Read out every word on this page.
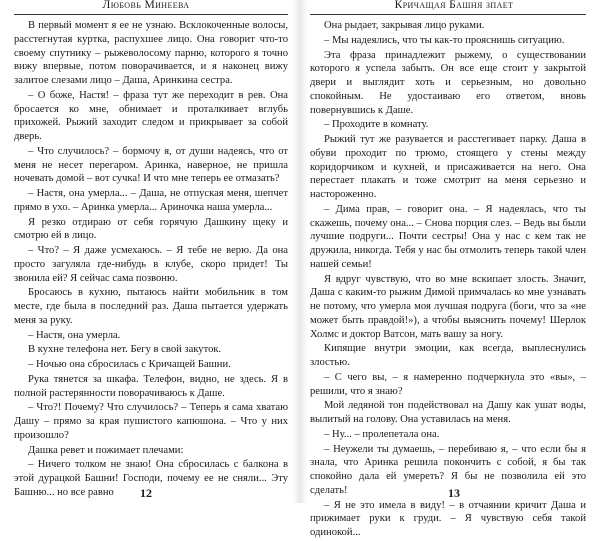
Любовь Минеева

В первый момент я ее не узнаю. Всклокоченные волосы, расстегнутая куртка, распухшее лицо. Она говорит что-то своему спутнику – рыжеволосому парню, которого я точно вижу впервые, потом поворачивается, и я наконец вижу залитое слезами лицо – Даша, Аринкина сестра.

– О боже, Настя! – фраза тут же переходит в рев. Она бросается ко мне, обнимает и проталкивает вглубь прихожей. Рыжий заходит следом и прикрывает за собой дверь.

– Что случилось? – бормочу я, от души надеясь, что от меня не несет перегаром. Аринка, наверное, не пришла ночевать домой – вот сучка! И что мне теперь ее отмазать?

– Настя, она умерла... – Даша, не отпуская меня, шепчет прямо в ухо. – Аринка умерла... Ариночка наша умерла...

Я резко отдираю от себя горячую Дашкину щеку и смотрю ей в лицо.

– Что? – Я даже усмехаюсь. – Я тебе не верю. Да она просто загуляла где-нибудь в клубе, скоро придет! Ты звонила ей? Я сейчас сама позвоню.

Бросаюсь в кухню, пытаюсь найти мобильник в том месте, где была в последний раз. Даша пытается удержать меня за руку.

– Настя, она умерла.

В кухне телефона нет. Бегу в свой закуток.

– Ночью она сбросилась с Кричащей Башни.

Рука тянется за шкафа. Телефон, видно, не здесь. Я в полной растерянности поворачиваюсь к Даше.

– Что?! Почему? Что случилось? – Теперь я сама хватаю Дашу – прямо за края пушистого капюшона. – Что у них произошло?

Дашка ревет и пожимает плечами:

– Ничего толком не знаю! Она сбросилась с балкона в этой дурацкой Башни! Господи, почему ее не сняли... Эту Башню... но все равно	12
Кричащая Башня зпает

Она рыдает, закрывая лицо руками.

– Мы надеялись, что ты как-то прояснишь ситуацию.

Эта фраза принадлежит рыжему, о существовании которого я успела забыть. Он все еще стоит у закрытой двери и выглядит хоть и серьезным, но довольно спокойным. Не удостаиваю его ответом, вновь повернувшись к Даше.

– Проходите в комнату.

Рыжий тут же разувается и расстегивает парку. Даша в обуви проходит по трюмо, стоящего у стены между коридорчиком и кухней, и присаживается на него. Она перестает плакать и тоже смотрит на меня серьезно и настороженно.

– Дима прав, – говорит она. – Я надеялась, что ты скажешь, почему она... – Снова порция слез. – Ведь вы были лучшие подруги... Почти сестры! Она у нас с кем так не дружила, никогда. Тебя у нас бы отмолить теперь такой член нашей семьи!

Я вдруг чувствую, что во мне вскипает злость. Значит, Даша с каким-то рыжим Димой примчалась ко мне узнавать не потому, что умерла моя лучшая подруга (боги, что за «не может быть правдой!»), а чтобы выяснить почему! Шерлок Холмс и доктор Ватсон, мать вашу за ногу.

Кипящие внутри эмоции, как всегда, выплеснулись злостью.

– С чего вы, – я намеренно подчеркнула это «вы», – решили, что я знаю?

Мой ледяной тон подействовал на Дашу как ушат воды, вылитый на голову. Она уставилась на меня.

– Ну... – пролепетала она.

– Неужели ты думаешь, – перебиваю я, – что если бы я знала, что Аринка решила покончить с собой, я бы так спокойно дала ей умереть? Я бы не позволила ей это сделать!

– Я не это имела в виду! – в отчаянии кричит Даша и прижимает руки к груди. – Я чувствую себя такой одинокой...

13
